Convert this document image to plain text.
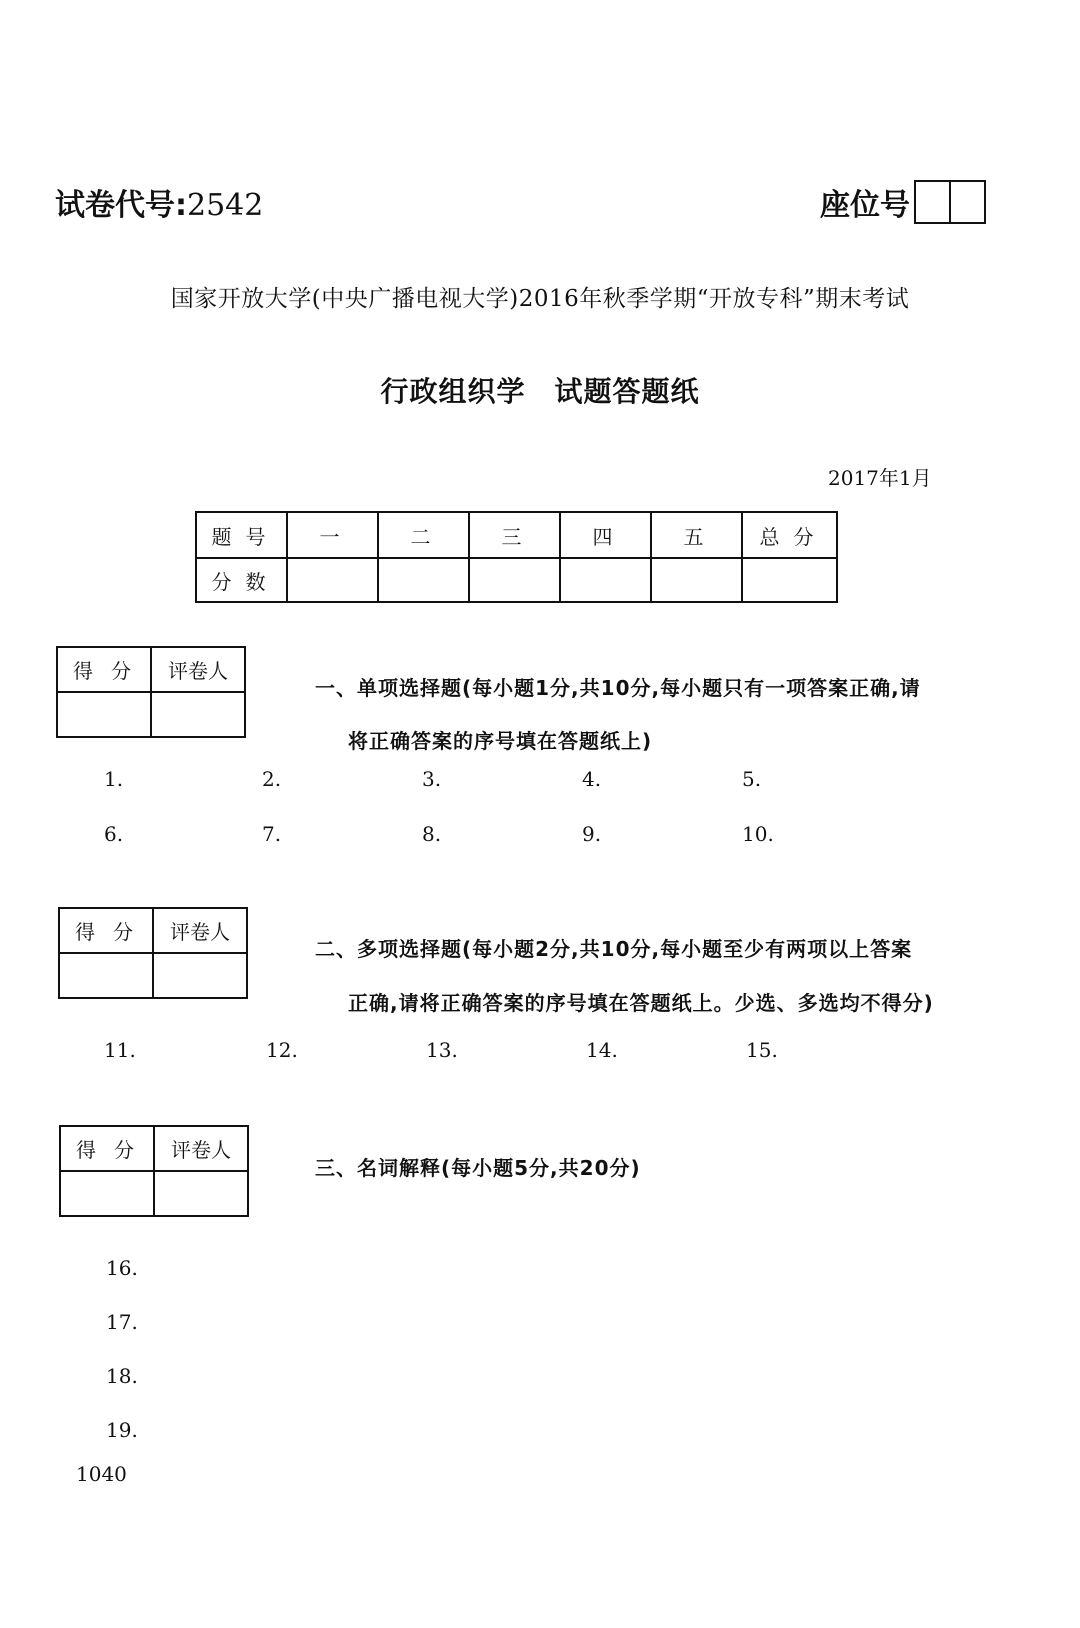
试卷代号:2542	座位号
国家开放大学(中央广播电视大学)2016年秋季学期“开放专科”期末考试
行政组织学　试题答题纸
2017年1月
题号	一	二	三	四	五	总分
分数						
得分	评卷人

一、单项选择题(每小题1分,共10分,每小题只有一项答案正确,请
将正确答案的序号填在答题纸上)
1.	2.	3.	4.	5.
6.	7.	8.	9.	10.
得分	评卷人

二、多项选择题(每小题2分,共10分,每小题至少有两项以上答案
正确,请将正确答案的序号填在答题纸上。少选、多选均不得分)
11.	12.	13.	14.	15.
得分	评卷人

三、名词解释(每小题5分,共20分)
16.
17.
18.
19.
1040
